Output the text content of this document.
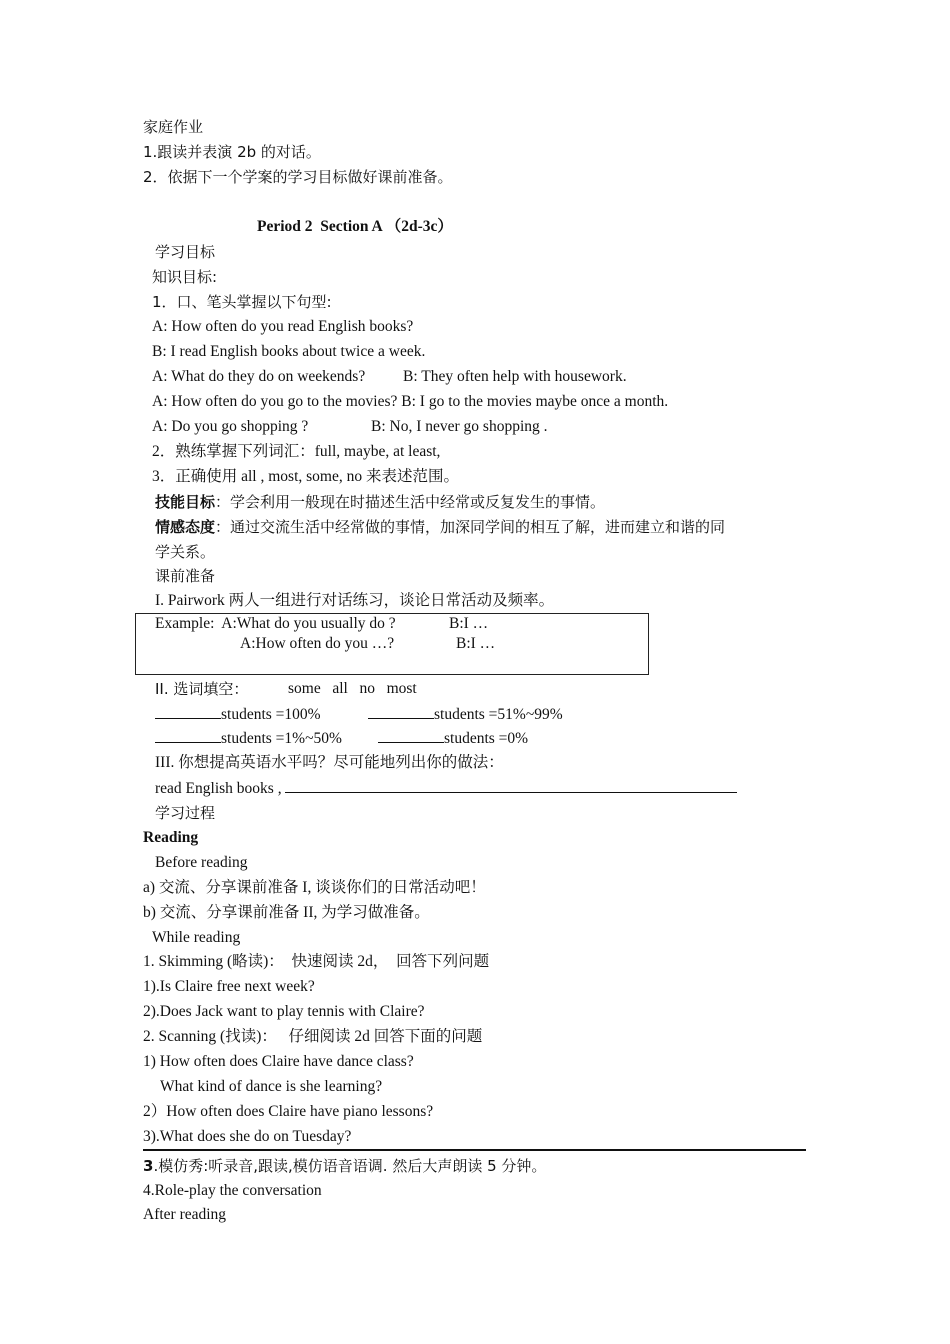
家庭作业
1.跟读并表演 2b 的对话。
2．依据下一个学案的学习目标做好课前准备。
Period 2  Section A （2d-3c）
学习目标
知识目标:
1．口、笔头掌握以下句型:
A: How often do you read English books?
B: I read English books about twice a week.
A: What do they do on weekends? B: They often help with housework.
A: How often do you go to the movies? B: I go to the movies maybe once a month.
A: Do you go shopping ?	B: No, I never go shopping .
2．熟练掌握下列词汇：full, maybe, at least,
3．正确使用 all , most, some, no 来表述范围。
技能目标：学会利用一般现在时描述生活中经常或反复发生的事情。
情感态度：通过交流生活中经常做的事情，加深同学间的相互了解，进而建立和谐的同
学关系。
课前准备
I. Pairwork 两人一组进行对话练习，谈论日常活动及频率。
Example:  A:What do you usually do ?	B:I …
A:How often do you …?	B:I …
II. 选词填空：	some   all   no   most
students =100%	students =51%~99%
students =1%~50%	students =0%
III. 你想提高英语水平吗？尽可能地列出你的做法：
read English books ,
学习过程
Reading
Before reading
a) 交流、分享课前准备 I, 谈谈你们的日常活动吧！
b) 交流、分享课前准备 II, 为学习做准备。
While reading
1. Skimming (略读)：  快速阅读 2d，  回答下列问题
1).Is Claire free next week?
2).Does Jack want to play tennis with Claire?
2. Scanning (找读)：   仔细阅读 2d 回答下面的问题
1) How often does Claire have dance class?
What kind of dance is she learning?
2）How often does Claire have piano lessons?
3).What does she do on Tuesday?
3.模仿秀:听录音,跟读,模仿语音语调. 然后大声朗读 5 分钟。
4.Role-play the conversation
After reading
